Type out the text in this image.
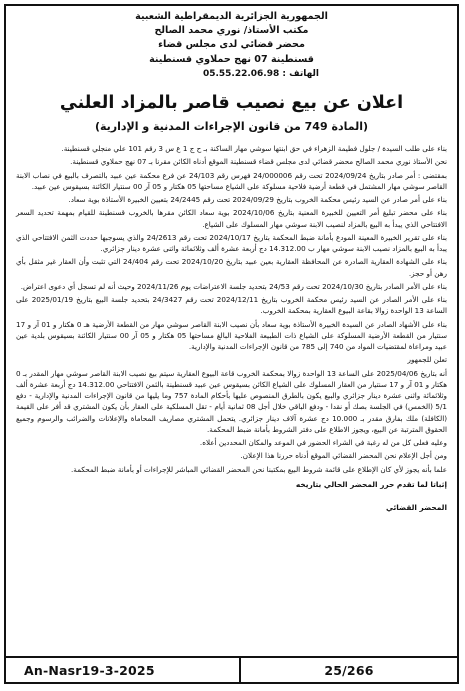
الجمهورية الجزائرية الديمقراطية الشعبية

مكتب الأستاذ/ نوري محمد الصالح

محضر قضائي لدى مجلس قضاء

قسنطينة 07 نهج حملاوي قسنطينة

الهاتف : 05.55.22.06.98

اعلان عن بيع نصيب قاصر بالمزاد العلني
(المادة 749 من قانون الإجراءات المدنية و الإدارية)

بناء على طلب السيدة / جلول فطيمة الزهراء في حق ابنتها سوشي مهار الساكنة بـ ح ج 1 ع س 3 رقم 101 علي منجلي قسنطينة.

نحن الأستاذ نوري محمد الصالح محضر قضائي لدى مجلس قضاء قسنطينة الموقع أدناه الكائن مقرنا بـ 07 نهج حملاوي قسنطينة.

بمقتضى : أمر صادر بتاريخ 2024/09/24 تحت رقم 24/000006 فهرس رقم 24/103 عن فرع محكمة عين عبيد بالتصرف بالبيع في نصاب الابنة القاصر سوشي مهار المشتمل في قطعة أرضية فلاحية مسلوكة على الشياع مساحتها 05 هكتار و 05 آر 00 سنتيار الكائنة بسيقوس عين عبيد.

بناء على أمر صادر عن السيد رئيس محكمة الخروب بتاريخ 2024/09/29 تحت رقم 24/2445 بتعيين الخبيرة الأستاذة بوية سعاد.

بناء على محضر تبليغ أمر التعيين للخبيرة المعنية بتاريخ 2024/10/06 بوية سعاد الكائن مقرها بالخروب قسنطينة للقيام بمهمة تحديد السعر الافتتاحي الذي يبدأ به البيع بالمزاد لنصيب الابنة سوشي مهار المسلوك على الشياع.

بناء على تقرير الخبيرة المعينة المودع بأمانة ضبط المحكمة بتاريخ 2024/10/17 تحت رقم 24/2613 والذي يسوجبها حددت الثمن الافتتاحي الذي يبدأ به البيع بالمزاد نصيب الابنة سوشي مهار ب 14.312.00 دج أربعة عشرة ألف وثلاثمائة واثنى عشرة دينار جزائري.

بناء على الشهادة العقارية الصادرة عن المحافظة العقارية بعين عبيد بتاريخ 2024/10/20 تحت رقم 24/404 التي تثبت وأن العقار غير مثقل بأي رهن أو حجز.

بناء على الأمر الصادر بتاريخ 2024/10/30 تحت رقم 24/53 بتحديد جلسة الاعتراضات يوم 2024/11/26 وحيث أنه لم تسجل أي دعوى اعتراض.

بناء على الأمر الصادر عن السيد رئيس محكمة الخروب بتاريخ 2024/12/11 تحت رقم 24/3427 بتحديد جلسة البيع بتاريخ 2025/01/19 على الساعة 13 الواحدة زوالا بقاعة البيوع العقارية بمحكمة الخروب.

بناء على الأشهاد الصادر عن السيدة الخبيرة الأستاذة بوية سعاد بأن نصيب الابنة القاصر سوشي مهار من القطعة الأرضية هـ 0 هكتار و 01 آر و 17 سنتيار من القطعة الأرضية المسلوكة على الشياع ذات الطبيعة الفلاحية البالغ مساحتها 05 هكتار و 05 آر 00 سنتيار الكائنة بسيقوس بلدية عين عبيد ومراعاة لمقتضيات المواد من 740 إلى 785 من قانون الإجراءات المدنية والإدارية.

تعلن للجمهور

أنه بتاريخ 2025/04/06 على الساعة 13 الواحدة زوالا بمحكمة الخروب قاعة البيوع العقارية سيتم بيع نصيب الابنة القاصر سوشي مهار المقدر بـ 0 هكتار و 01 آر و 17 سنتيار من العقار المسلوك على الشياع الكائن بسيقوس عين عبيد قسنطينة بالثمن الافتتاحي 14.312.00 دج أربعة عشرة ألف وثلاثمائة واثنى عشرة دينار جزائري والبيع يكون بالطرق المنصوص عليها بأحكام المادة 757 وما يليها من قانون الإجراءات المدنية والإدارية - دفع 5/1 (الخمس) في الجلسة بصك أو نقدا - ودفع الباقي خلال أجل 08 ثمانية أيام - تقل المسلكية على العقار بأن يكون المشتري قد أفر على القيمة (الكافلة) ملك بفارق مقدر بـ 10.000 دج عشرة آلاف دينار جزائري. يتحمل المشتري مصاريف المحاماة والإعلانات والضرائب والرسوم وجميع الحقوق المترتبة عن البيع، ويجوز الاطلاع على دفتر الشروط بأمانة ضبط المحكمة.

وعليه فعلى كل من له رغبة في الشراء الحضور في الموعد والمكان المحددين أعلاه.

ومن أجل الإعلام نحن المحضر القضائي الموقع أدناه حررنا هذا الإعلان.

علما بأنه يجوز لأي كان الإطلاع على قائمة شروط البيع بمكتبنا نحن المحضر القضائي المباشر للإجراءات أو بأمانة ضبط المحكمة.

إثباتا لما تقدم حرر المحضر الحالي بتاريخه

المحضر القضائي

An-Nasr19-3-2025	25/266
